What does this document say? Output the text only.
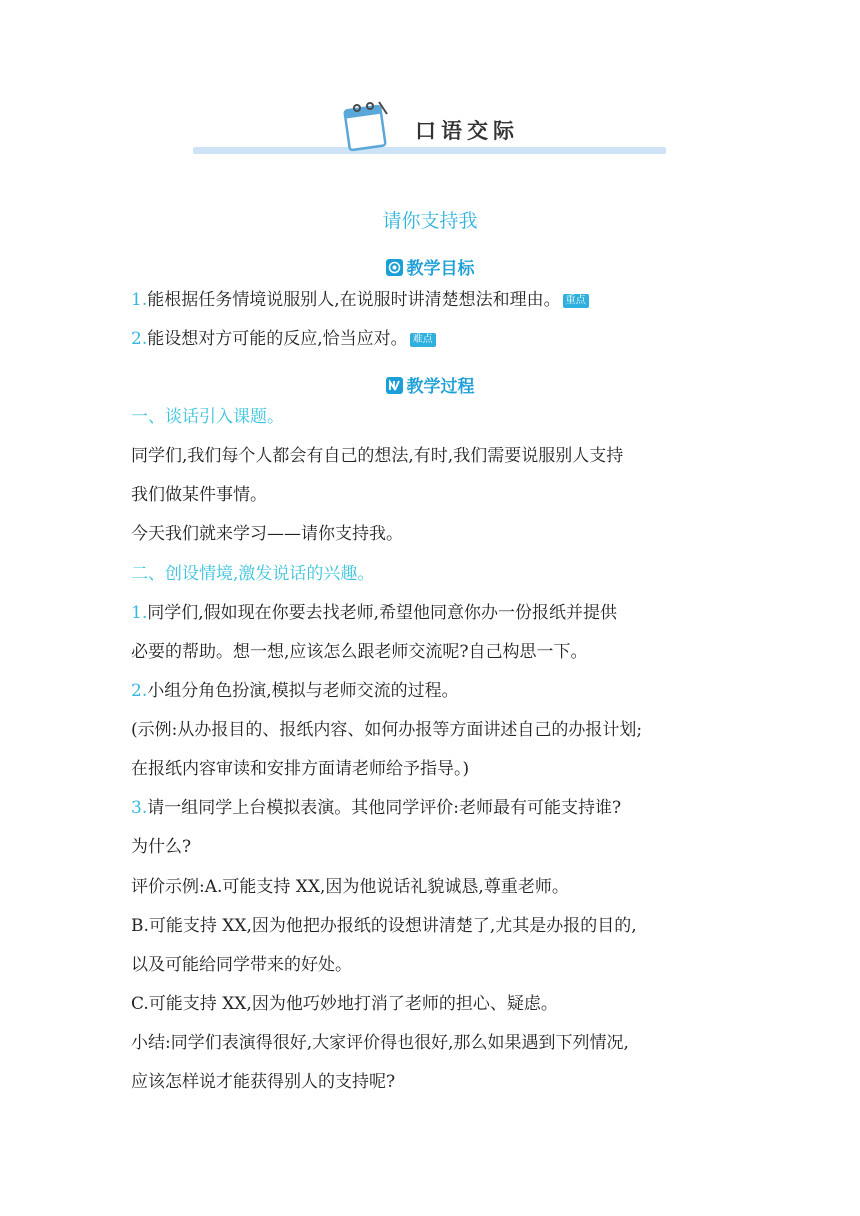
口语交际
请你支持我
教学目标
1.能根据任务情境说服别人,在说服时讲清楚想法和理由。 重点
2.能设想对方可能的反应,恰当应对。 难点
教学过程
一、谈话引入课题。
同学们,我们每个人都会有自己的想法,有时,我们需要说服别人支持
我们做某件事情。
今天我们就来学习——请你支持我。
二、创设情境,激发说话的兴趣。
1.同学们,假如现在你要去找老师,希望他同意你办一份报纸并提供
必要的帮助。想一想,应该怎么跟老师交流呢?自己构思一下。
2.小组分角色扮演,模拟与老师交流的过程。
(示例:从办报目的、报纸内容、如何办报等方面讲述自己的办报计划;
在报纸内容审读和安排方面请老师给予指导。)
3.请一组同学上台模拟表演。其他同学评价:老师最有可能支持谁?
为什么?
评价示例:A.可能支持 XX,因为他说话礼貌诚恳,尊重老师。
B.可能支持 XX,因为他把办报纸的设想讲清楚了,尤其是办报的目的,
以及可能给同学带来的好处。
C.可能支持 XX,因为他巧妙地打消了老师的担心、疑虑。
小结:同学们表演得很好,大家评价得也很好,那么如果遇到下列情况,
应该怎样说才能获得别人的支持呢?
